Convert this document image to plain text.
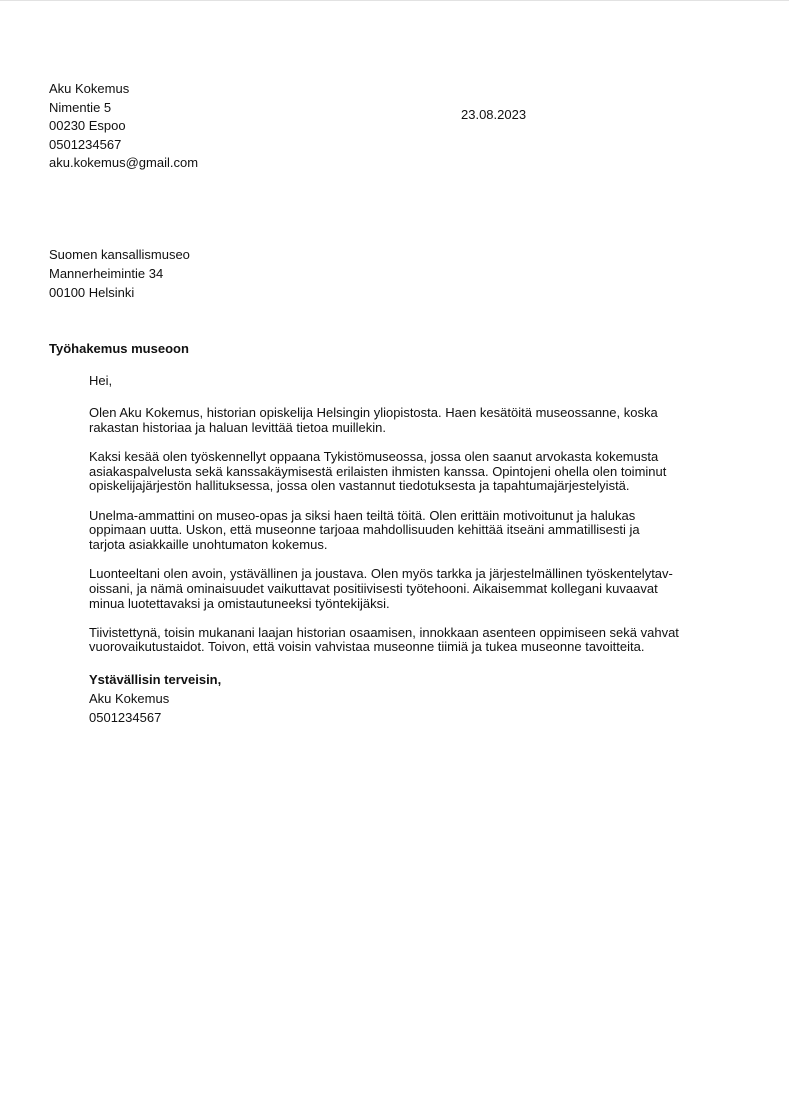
Aku Kokemus
Nimentie 5
00230 Espoo
0501234567
aku.kokemus@gmail.com
23.08.2023
Suomen kansallismuseo
Mannerheimintie 34
00100 Helsinki
Työhakemus museoon

Hei,

Olen Aku Kokemus, historian opiskelija Helsingin yliopistosta. Haen kesätöitä museossanne, koska
rakastan historiaa ja haluan levittää tietoa muillekin.

Kaksi kesää olen työskennellyt oppaana Tykistömuseossa, jossa olen saanut arvokasta kokemusta
asiakaspalvelusta sekä kanssakäymisestä erilaisten ihmisten kanssa. Opintojeni ohella olen toiminut
opiskelijajärjestön hallituksessa, jossa olen vastannut tiedotuksesta ja tapahtumajärjestelyistä.

Unelma-ammattini on museo-opas ja siksi haen teiltä töitä. Olen erittäin motivoitunut ja halukas
oppimaan uutta. Uskon, että museonne tarjoaa mahdollisuuden kehittää itseäni ammatillisesti ja
tarjota asiakkaille unohtumaton kokemus.

Luonteeltani olen avoin, ystävällinen ja joustava. Olen myös tarkka ja järjestelmällinen työskentelytav-
oissani, ja nämä ominaisuudet vaikuttavat positiivisesti työtehooni. Aikaisemmat kollegani kuvaavat
minua luotettavaksi ja omistautuneeksi työntekijäksi.

Tiivistettynä, toisin mukanani laajan historian osaamisen, innokkaan asenteen oppimiseen sekä vahvat
vuorovaikutustaidot. Toivon, että voisin vahvistaa museonne tiimiä ja tukea museonne tavoitteita.

Ystävällisin terveisin,
Aku Kokemus
0501234567
